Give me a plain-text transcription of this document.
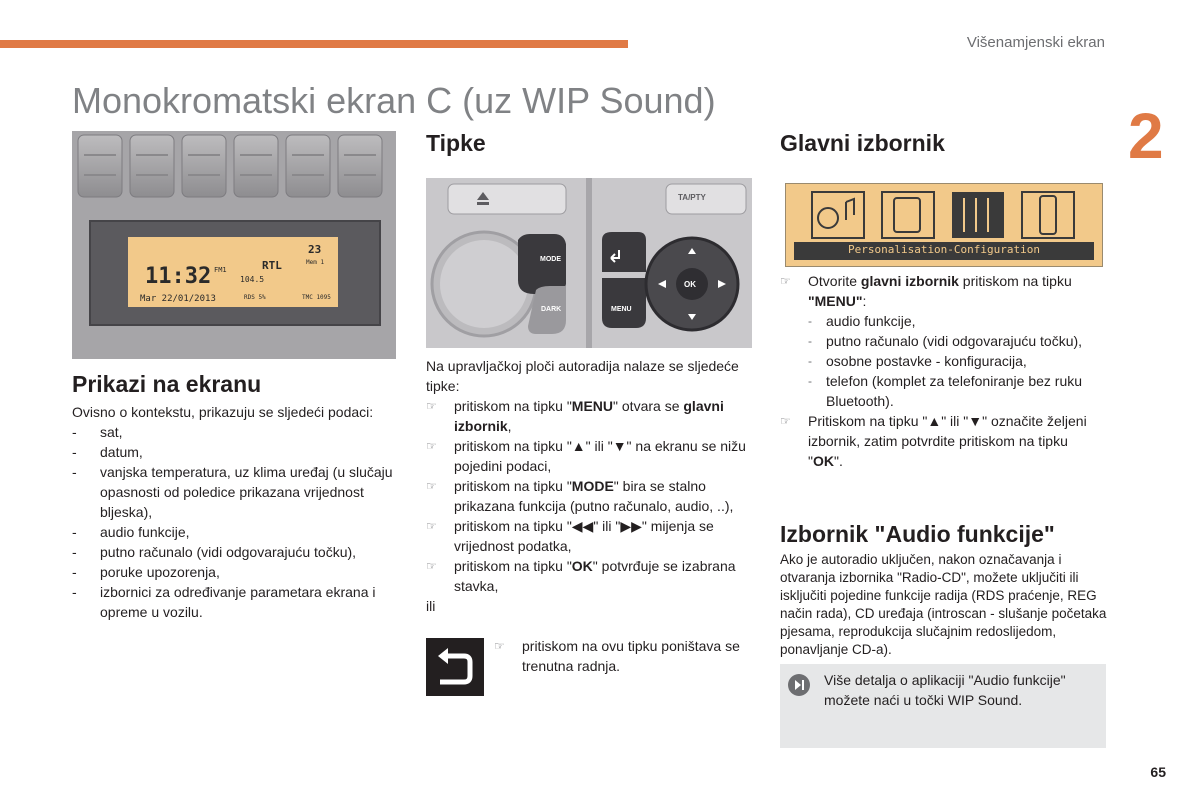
Višenamjenski ekran
2
Monokromatski ekran C (uz WIP Sound)
11:32
Mar 22/01/2013
23
FM1	RTL	Mem 1
104.5
RDS 5%	TMC 1095
Prikazi na ekranu
Ovisno o kontekstu, prikazuju se sljedeći podaci:
- sat,
- datum,
- vanjska temperatura, uz klima uređaj (u slučaju opasnosti od poledice prikazana vrijednost bljeska),
- audio funkcije,
- putno računalo (vidi odgovarajuću točku),
- poruke upozorenja,
- izbornici za određivanje parametara ekrana i opreme u vozilu.
Tipke
TA/PTY
MODE
DARK	MENU
OK
Na upravljačkoj ploči autoradija nalaze se sljedeće tipke:
☞ pritiskom na tipku "MENU" otvara se glavni izbornik,
☞ pritiskom na tipku "▲" ili "▼" na ekranu se nižu pojedini podaci,
☞ pritiskom na tipku "MODE" bira se stalno prikazana funkcija (putno računalo, audio, ..),
☞ pritiskom na tipku "◀◀" ili "▶▶" mijenja se vrijednost podatka,
☞ pritiskom na tipku "OK" potvrđuje se izabrana stavka,
ili
☞ pritiskom na ovu tipku poništava se trenutna radnja.
Glavni izbornik
Personalisation-Configuration
☞ Otvorite glavni izbornik pritiskom na tipku "MENU":
- audio funkcije,
- putno računalo (vidi odgovarajuću točku),
- osobne postavke - konfiguracija,
- telefon (komplet za telefoniranje bez ruku Bluetooth).
☞ Pritiskom na tipku "▲" ili "▼" označite željeni izbornik, zatim potvrdite pritiskom na tipku "OK".
Izbornik "Audio funkcije"
Ako je autoradio uključen, nakon označavanja i otvaranja izbornika "Radio-CD", možete uključiti ili isključiti pojedine funkcije radija (RDS praćenje, REG način rada), CD uređaja (introscan - slušanje početaka pjesama, reprodukcija slučajnim redoslijedom, ponavljanje CD-a).
Više detalja o aplikaciji "Audio funkcije" možete naći u točki WIP Sound.
65
